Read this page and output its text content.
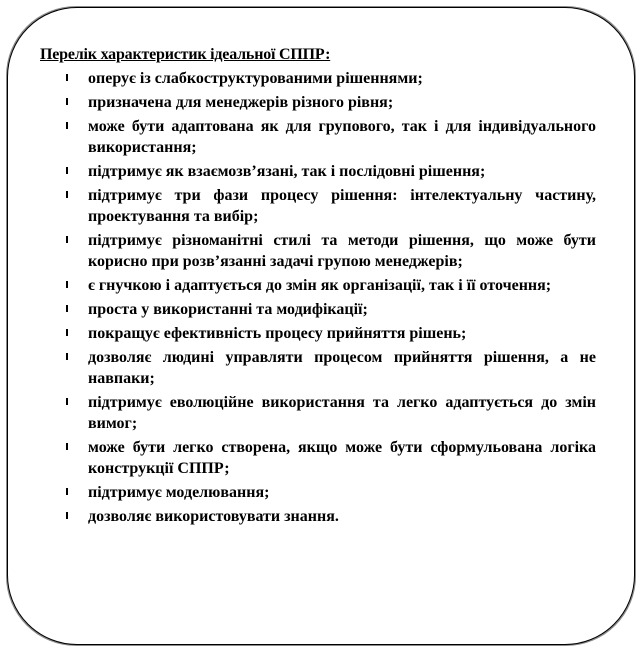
Перелік характеристик ідеальної СППР:
оперує із слабкоструктурованими рішеннями;
призначена для менеджерів різного рівня;
може бути адаптована як для групового, так і для індивідуального використання;
підтримує як взаємозв’язані, так і послідовні рішення;
підтримує три фази процесу рішення: інтелектуальну частину, проектування та вибір;
підтримує різноманітні стилі та методи рішення, що може бути корисно при розв’язанні задачі групою менеджерів;
є гнучкою і адаптується до змін як організації, так і її оточення;
проста у використанні та модифікації;
покращує ефективність процесу прийняття рішень;
дозволяє людині управляти процесом прийняття рішення, а не навпаки;
підтримує еволюційне використання та легко адаптується до змін вимог;
може бути легко створена, якщо може бути сформульована логіка конструкції СППР;
підтримує моделювання;
дозволяє використовувати знання.
